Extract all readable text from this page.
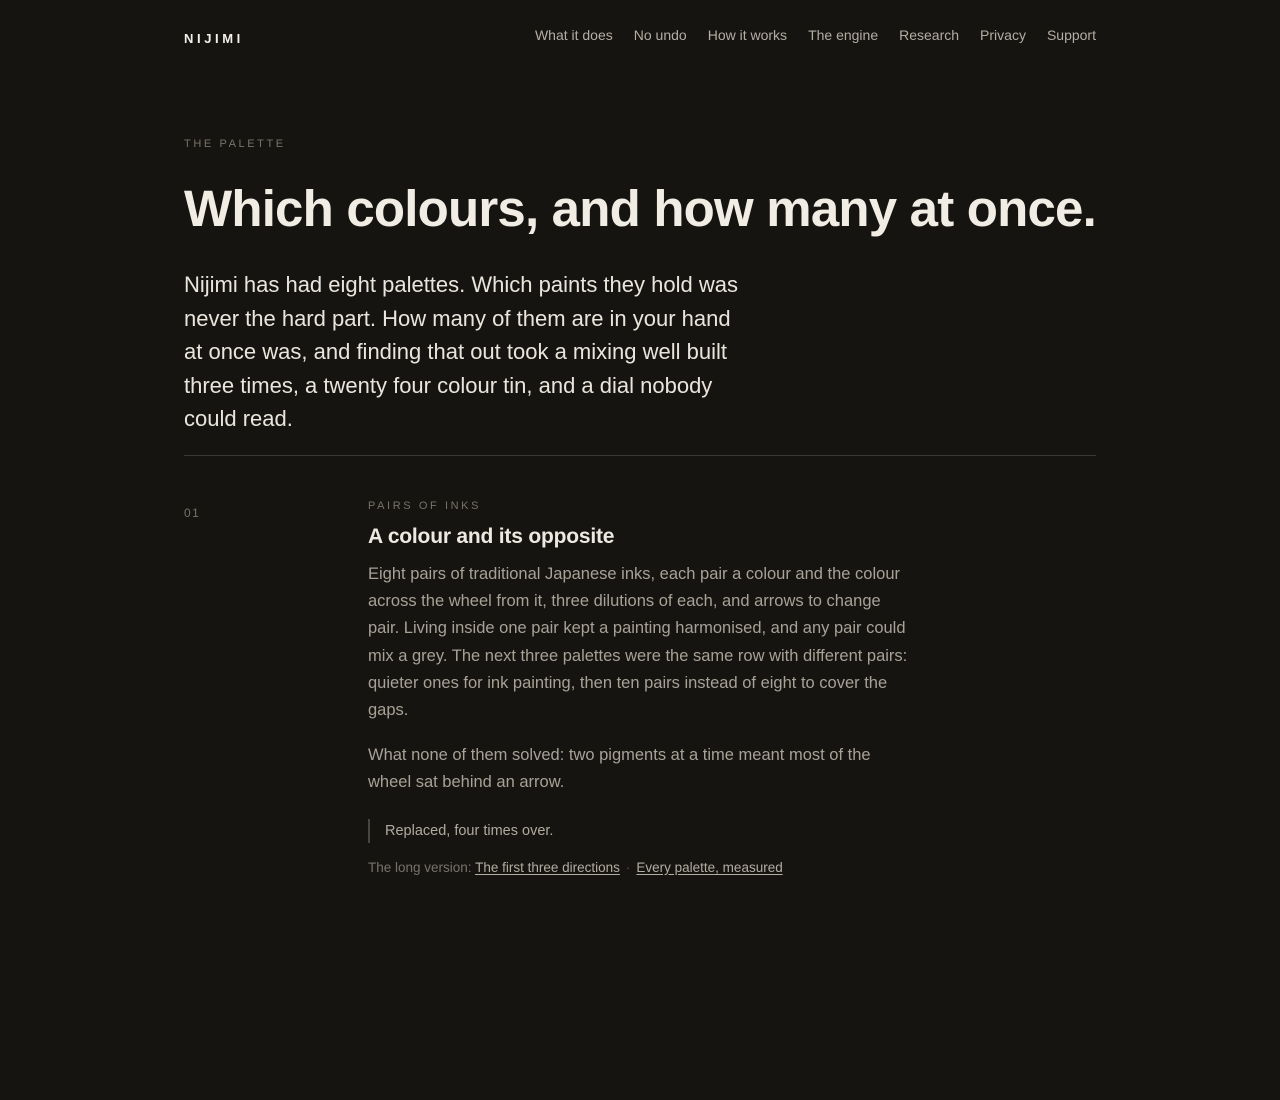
NIJIMI	What it does No undo How it works The engine Research Privacy Support
THE PALETTE
Which colours, and how many at once.

Nijimi has had eight palettes. Which paints they hold was never the hard part. How many of them are in your hand at once was, and finding that out took a mixing well built three times, a twenty four colour tin, and a dial nobody could read.

01	PAIRS OF INKS
A colour and its opposite

Eight pairs of traditional Japanese inks, each pair a colour and the colour across the wheel from it, three dilutions of each, and arrows to change pair. Living inside one pair kept a painting harmonised, and any pair could mix a grey. The next three palettes were the same row with different pairs: quieter ones for ink painting, then ten pairs instead of eight to cover the gaps.

What none of them solved: two pigments at a time meant most of the wheel sat behind an arrow.

Replaced, four times over.
The long version: The first three directions · Every palette, measured
